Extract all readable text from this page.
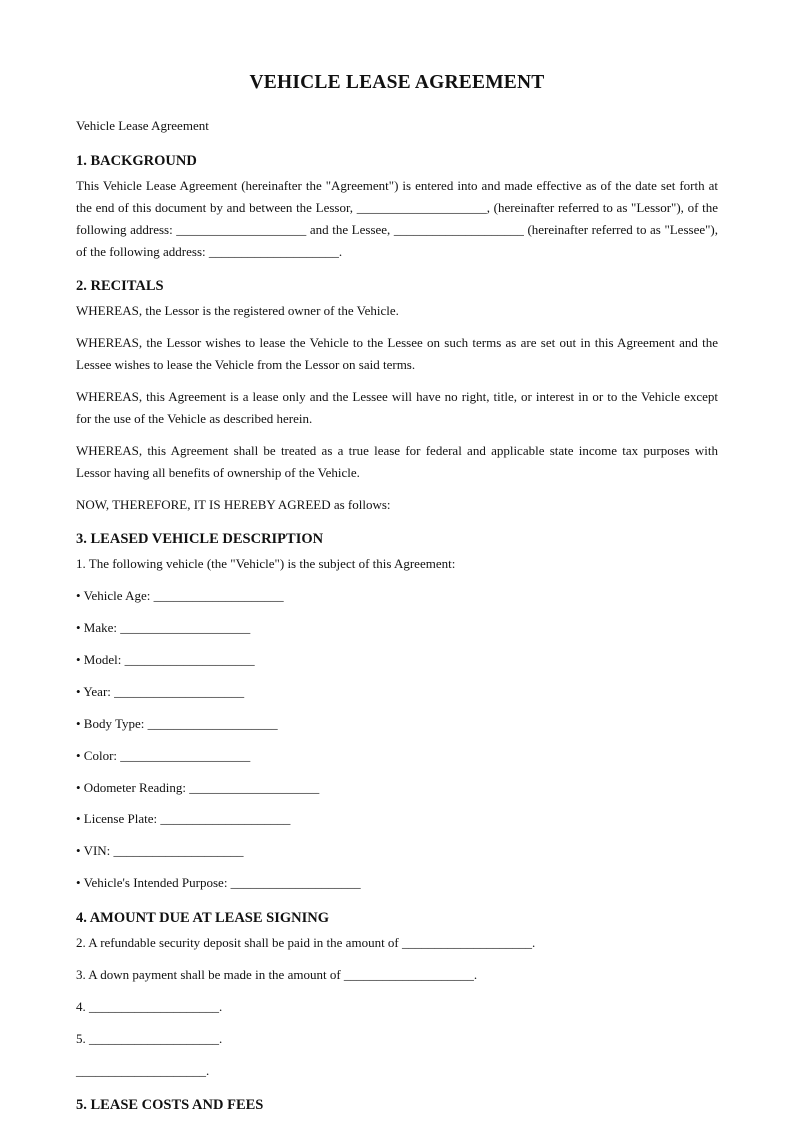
VEHICLE LEASE AGREEMENT
Vehicle Lease Agreement
1. BACKGROUND
This Vehicle Lease Agreement (hereinafter the "Agreement") is entered into and made effective as of the date set forth at the end of this document by and between the Lessor, ____________________, (hereinafter referred to as "Lessor"), of the following address: ____________________ and the Lessee, ____________________ (hereinafter referred to as "Lessee"), of the following address: ____________________.
2. RECITALS
WHEREAS, the Lessor is the registered owner of the Vehicle.
WHEREAS, the Lessor wishes to lease the Vehicle to the Lessee on such terms as are set out in this Agreement and the Lessee wishes to lease the Vehicle from the Lessor on said terms.
WHEREAS, this Agreement is a lease only and the Lessee will have no right, title, or interest in or to the Vehicle except for the use of the Vehicle as described herein.
WHEREAS, this Agreement shall be treated as a true lease for federal and applicable state income tax purposes with Lessor having all benefits of ownership of the Vehicle.
NOW, THEREFORE, IT IS HEREBY AGREED as follows:
3. LEASED VEHICLE DESCRIPTION
1. The following vehicle (the "Vehicle") is the subject of this Agreement:
• Vehicle Age: ____________________
• Make: ____________________
• Model: ____________________
• Year: ____________________
• Body Type: ____________________
• Color: ____________________
• Odometer Reading: ____________________
• License Plate: ____________________
• VIN: ____________________
• Vehicle's Intended Purpose: ____________________
4. AMOUNT DUE AT LEASE SIGNING
2. A refundable security deposit shall be paid in the amount of ____________________.
3. A down payment shall be made in the amount of ____________________.
4. ____________________.
5. ____________________.
____________________.
5. LEASE COSTS AND FEES
